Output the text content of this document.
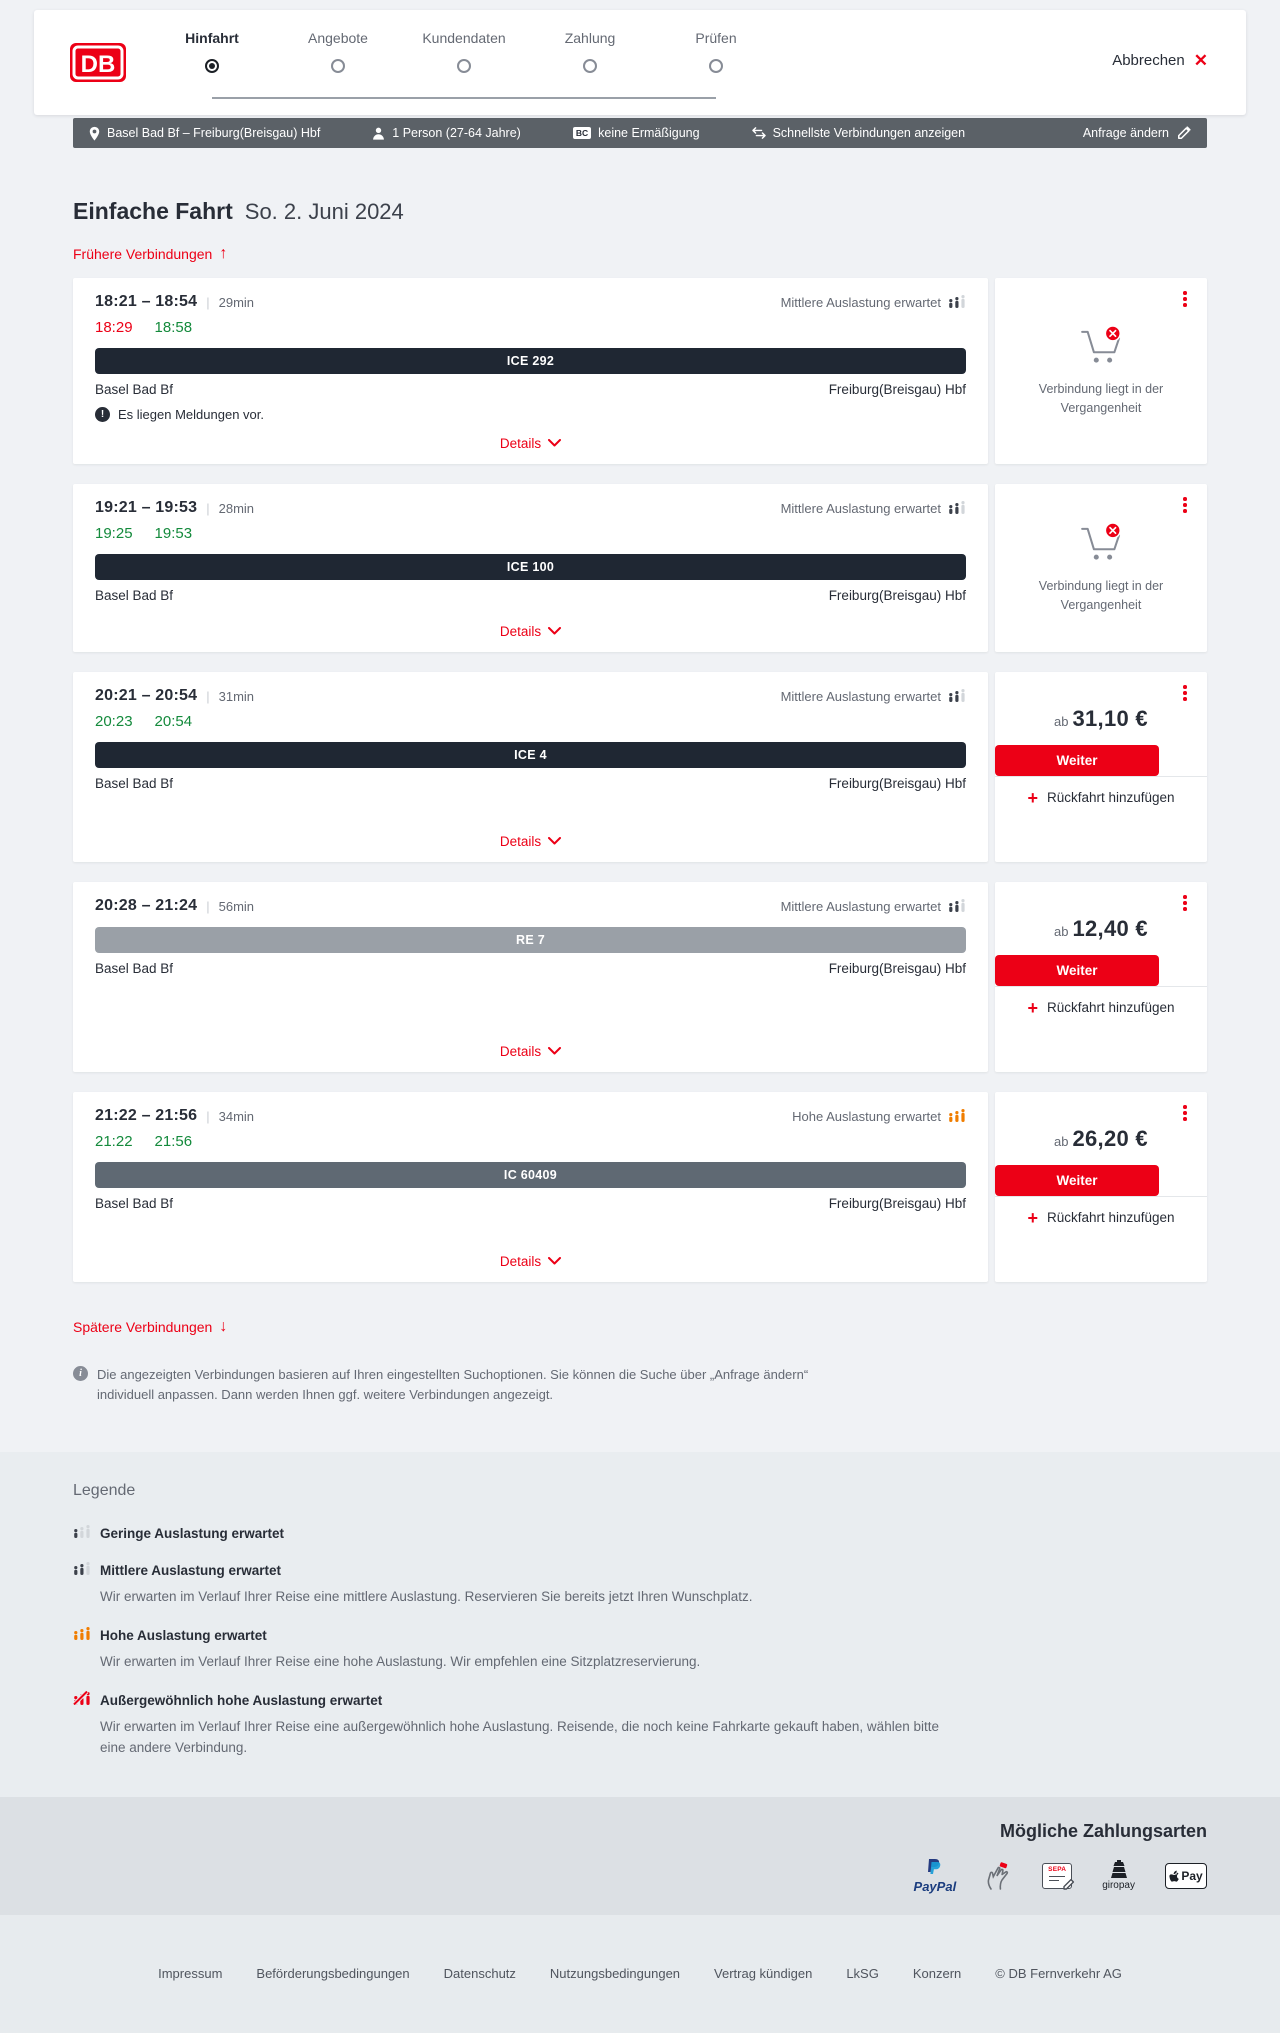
DB
Hinfahrt	Angebote	Kundendaten	Zahlung	Prüfen
Abbrechen ✕
Basel Bad Bf – Freiburg(Breisgau) Hbf	1 Person (27-64 Jahre)	BC keine Ermäßigung	Schnellste Verbindungen anzeigen	Anfrage ändern
Einfache Fahrt So. 2. Juni 2024
Frühere Verbindungen ↑
18:21 – 18:54 | 29min	Mittlere Auslastung erwartet
18:29 18:58
ICE 292
Basel Bad Bf	Freiburg(Breisgau) Hbf
!	Es liegen Meldungen vor.
Details
Verbindung liegt in der Vergangenheit
19:21 – 19:53 | 28min	Mittlere Auslastung erwartet
19:25 19:53
ICE 100
Basel Bad Bf	Freiburg(Breisgau) Hbf
Details
Verbindung liegt in der Vergangenheit
20:21 – 20:54 | 31min	Mittlere Auslastung erwartet
20:23 20:54
ICE 4
Basel Bad Bf	Freiburg(Breisgau) Hbf
Details
ab 31,10 €
Weiter
+ Rückfahrt hinzufügen
20:28 – 21:24 | 56min	Mittlere Auslastung erwartet
RE 7
Basel Bad Bf	Freiburg(Breisgau) Hbf
Details
ab 12,40 €
Weiter
+ Rückfahrt hinzufügen
21:22 – 21:56 | 34min	Hohe Auslastung erwartet
21:22 21:56
IC 60409
Basel Bad Bf	Freiburg(Breisgau) Hbf
Details
ab 26,20 €
Weiter
+ Rückfahrt hinzufügen
Spätere Verbindungen ↓
i	Die angezeigten Verbindungen basieren auf Ihren eingestellten Suchoptionen. Sie können die Suche über „Anfrage ändern“ individuell anpassen. Dann werden Ihnen ggf. weitere Verbindungen angezeigt.
Legende
Geringe Auslastung erwartet
Mittlere Auslastung erwartet
Wir erwarten im Verlauf Ihrer Reise eine mittlere Auslastung. Reservieren Sie bereits jetzt Ihren Wunschplatz.
Hohe Auslastung erwartet
Wir erwarten im Verlauf Ihrer Reise eine hohe Auslastung. Wir empfehlen eine Sitzplatzreservierung.
Außergewöhnlich hohe Auslastung erwartet
Wir erwarten im Verlauf Ihrer Reise eine außergewöhnlich hohe Auslastung. Reisende, die noch keine Fahrkarte gekauft haben, wählen bitte eine andere Verbindung.
Mögliche Zahlungsarten
PayPal
SEPA
giropay
Pay
Impressum	Beförderungsbedingungen	Datenschutz	Nutzungsbedingungen	Vertrag kündigen	LkSG	Konzern	© DB Fernverkehr AG
